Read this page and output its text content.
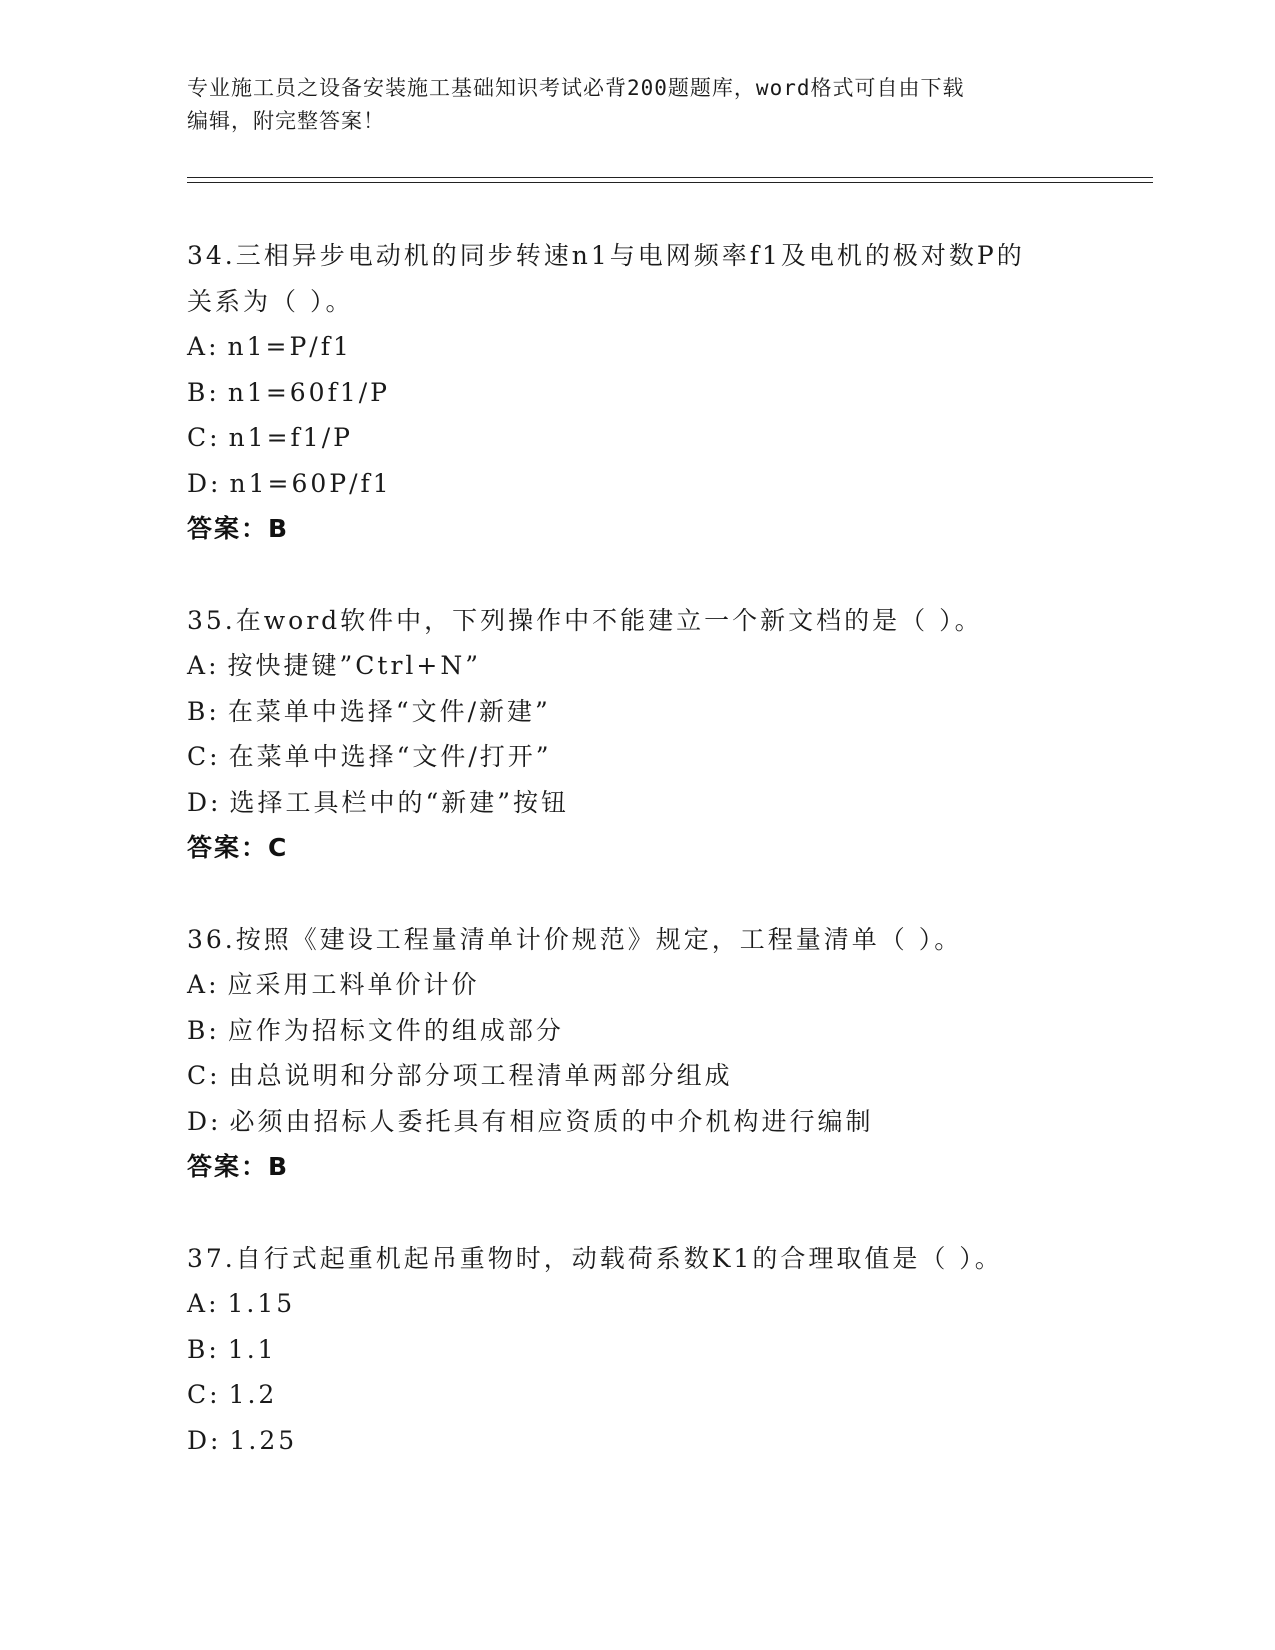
专业施工员之设备安装施工基础知识考试必背200题题库，word格式可自由下载
编辑，附完整答案！
34.三相异步电动机的同步转速n1与电网频率f1及电机的极对数P的
关系为（ ）。
A: n1=P/f1
B: n1=60f1/P
C: n1=f1/P
D: n1=60P/f1
答案：B
35.在word软件中，下列操作中不能建立一个新文档的是（ ）。
A: 按快捷键”Ctrl+N”
B: 在菜单中选择“文件/新建”
C: 在菜单中选择“文件/打开”
D: 选择工具栏中的“新建”按钮
答案：C
36.按照《建设工程量清单计价规范》规定，工程量清单（ ）。
A: 应采用工料单价计价
B: 应作为招标文件的组成部分
C: 由总说明和分部分项工程清单两部分组成
D: 必须由招标人委托具有相应资质的中介机构进行编制
答案：B
37.自行式起重机起吊重物时，动载荷系数K1的合理取值是（ ）。
A: 1.15
B: 1.1
C: 1.2
D: 1.25
